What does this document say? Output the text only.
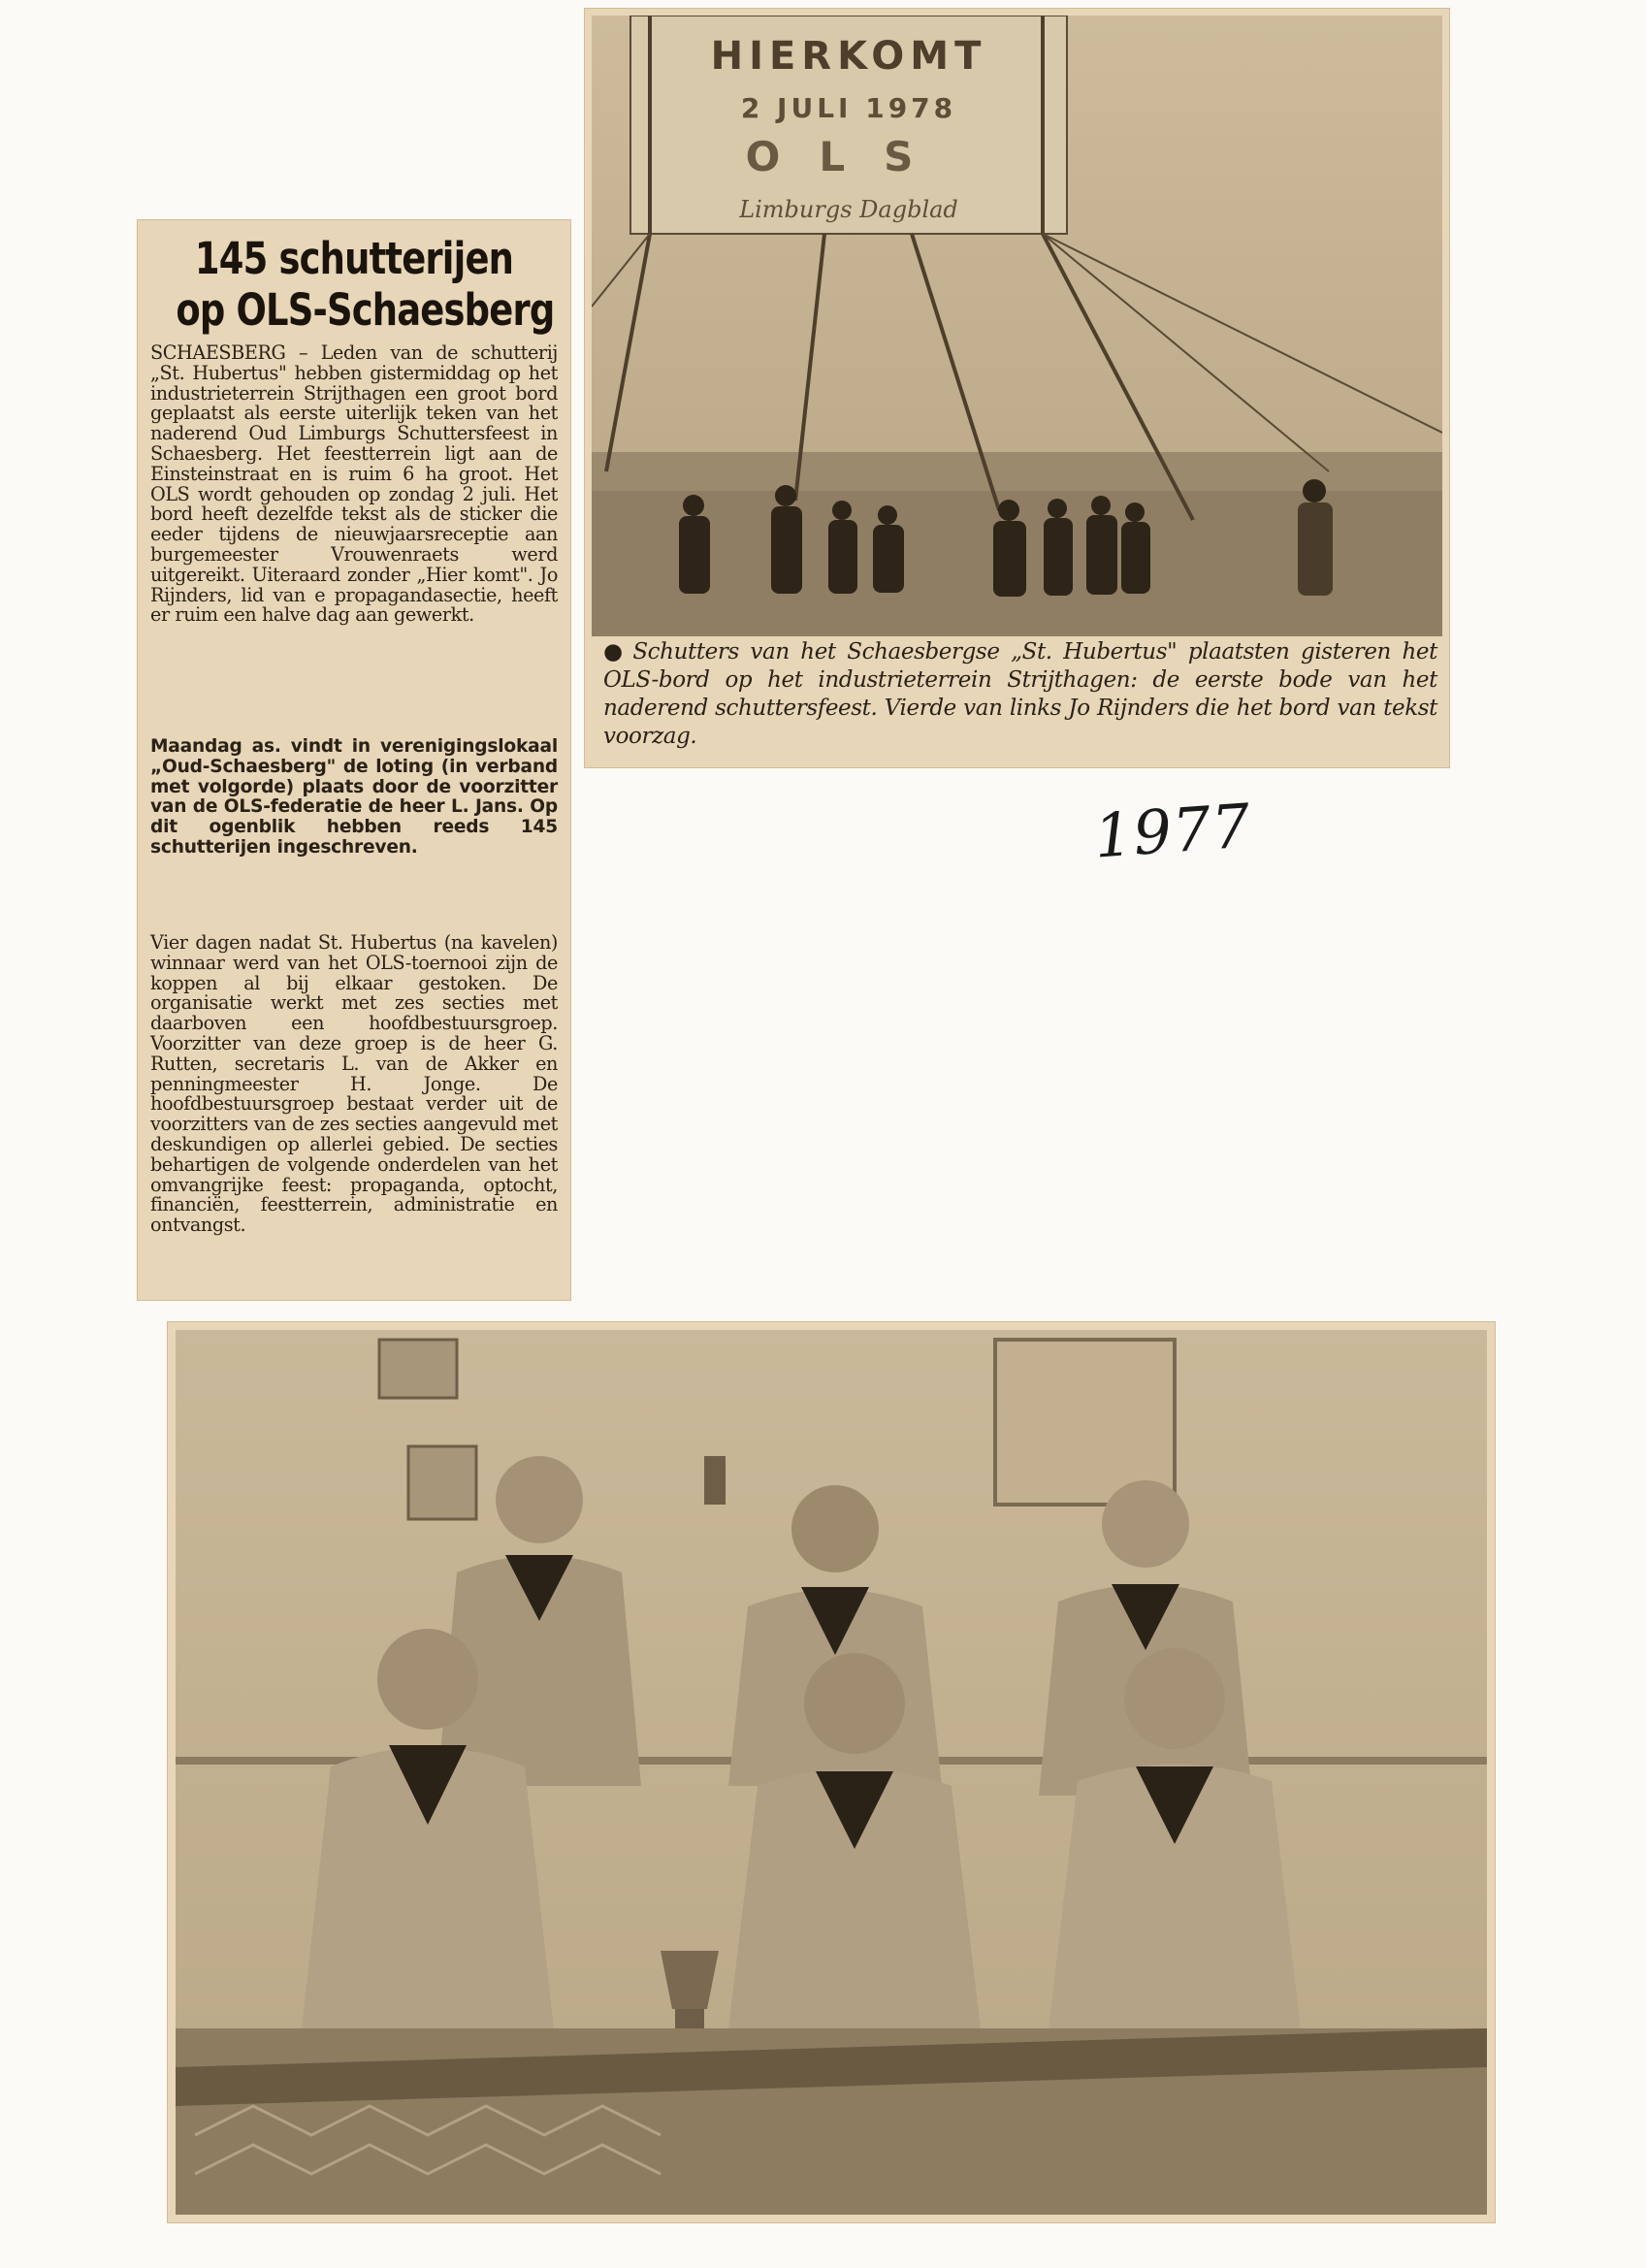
145 schutterijen
op OLS-Schaesberg

SCHAESBERG – Leden van de schutterij „St. Hubertus" hebben gistermiddag op het industrieterrein Strijthagen een groot bord geplaatst als eerste uiterlijk teken van het naderend Oud Limburgs Schuttersfeest in Schaesberg. Het feestterrein ligt aan de Einsteinstraat en is ruim 6 ha groot. Het OLS wordt gehouden op zondag 2 juli. Het bord heeft dezelfde tekst als de sticker die eeder tijdens de nieuwjaarsreceptie aan burgemeester Vrouwenraets werd uitgereikt. Uiteraard zonder „Hier komt". Jo Rijnders, lid van e propagandasectie, heeft er ruim een halve dag aan gewerkt.

Maandag as. vindt in verenigingslokaal „Oud-Schaesberg" de loting (in verband met volgorde) plaats door de voorzitter van de OLS-federatie de heer L. Jans. Op dit ogenblik hebben reeds 145 schutterijen ingeschreven.

Vier dagen nadat St. Hubertus (na kavelen) winnaar werd van het OLS-toernooi zijn de koppen al bij elkaar gestoken. De organisatie werkt met zes secties met daarboven een hoofdbestuursgroep. Voorzitter van deze groep is de heer G. Rutten, secretaris L. van de Akker en penningmeester H. Jonge. De hoofdbestuursgroep bestaat verder uit de voorzitters van de zes secties aangevuld met deskundigen op allerlei gebied. De secties behartigen de volgende onderdelen van het omvangrijke feest: propaganda, optocht, financiën, feestterrein, administratie en ontvangst.

HIERKOMT
2 JULI 1978
OLS
Limburgs Dagblad

● Schutters van het Schaesbergse „St. Hubertus" plaatsten gisteren het OLS-bord op het industrieterrein Strijthagen: de eerste bode van het naderend schuttersfeest. Vierde van links Jo Rijnders die het bord van tekst voorzag.

1977
